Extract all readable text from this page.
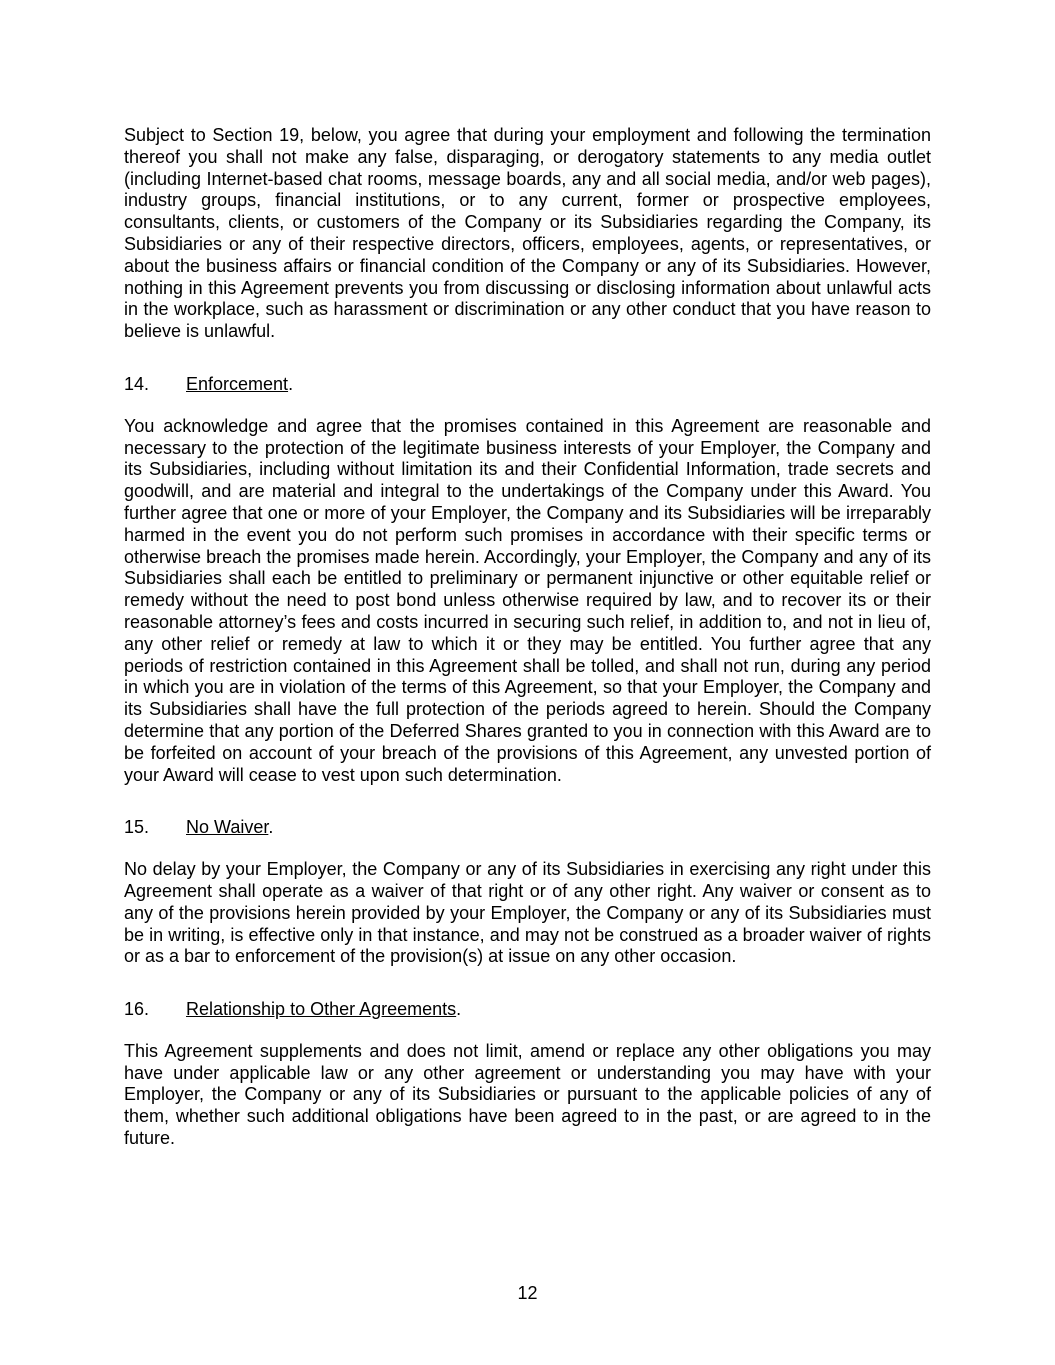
Subject to Section 19, below, you agree that during your employment and following the termination thereof you shall not make any false, disparaging, or derogatory statements to any media outlet (including Internet-based chat rooms, message boards, any and all social media, and/or web pages), industry groups, financial institutions, or to any current, former or prospective employees, consultants, clients, or customers of the Company or its Subsidiaries regarding the Company, its Subsidiaries or any of their respective directors, officers, employees, agents, or representatives, or about the business affairs or financial condition of the Company or any of its Subsidiaries. However, nothing in this Agreement prevents you from discussing or disclosing information about unlawful acts in the workplace, such as harassment or discrimination or any other conduct that you have reason to believe is unlawful.

14. Enforcement.

You acknowledge and agree that the promises contained in this Agreement are reasonable and necessary to the protection of the legitimate business interests of your Employer, the Company and its Subsidiaries, including without limitation its and their Confidential Information, trade secrets and goodwill, and are material and integral to the undertakings of the Company under this Award. You further agree that one or more of your Employer, the Company and its Subsidiaries will be irreparably harmed in the event you do not perform such promises in accordance with their specific terms or otherwise breach the promises made herein. Accordingly, your Employer, the Company and any of its Subsidiaries shall each be entitled to preliminary or permanent injunctive or other equitable relief or remedy without the need to post bond unless otherwise required by law, and to recover its or their reasonable attorney’s fees and costs incurred in securing such relief, in addition to, and not in lieu of, any other relief or remedy at law to which it or they may be entitled. You further agree that any periods of restriction contained in this Agreement shall be tolled, and shall not run, during any period in which you are in violation of the terms of this Agreement, so that your Employer, the Company and its Subsidiaries shall have the full protection of the periods agreed to herein. Should the Company determine that any portion of the Deferred Shares granted to you in connection with this Award are to be forfeited on account of your breach of the provisions of this Agreement, any unvested portion of your Award will cease to vest upon such determination.

15. No Waiver.

No delay by your Employer, the Company or any of its Subsidiaries in exercising any right under this Agreement shall operate as a waiver of that right or of any other right. Any waiver or consent as to any of the provisions herein provided by your Employer, the Company or any of its Subsidiaries must be in writing, is effective only in that instance, and may not be construed as a broader waiver of rights or as a bar to enforcement of the provision(s) at issue on any other occasion.

16. Relationship to Other Agreements.

This Agreement supplements and does not limit, amend or replace any other obligations you may have under applicable law or any other agreement or understanding you may have with your Employer, the Company or any of its Subsidiaries or pursuant to the applicable policies of any of them, whether such additional obligations have been agreed to in the past, or are agreed to in the future.

12
